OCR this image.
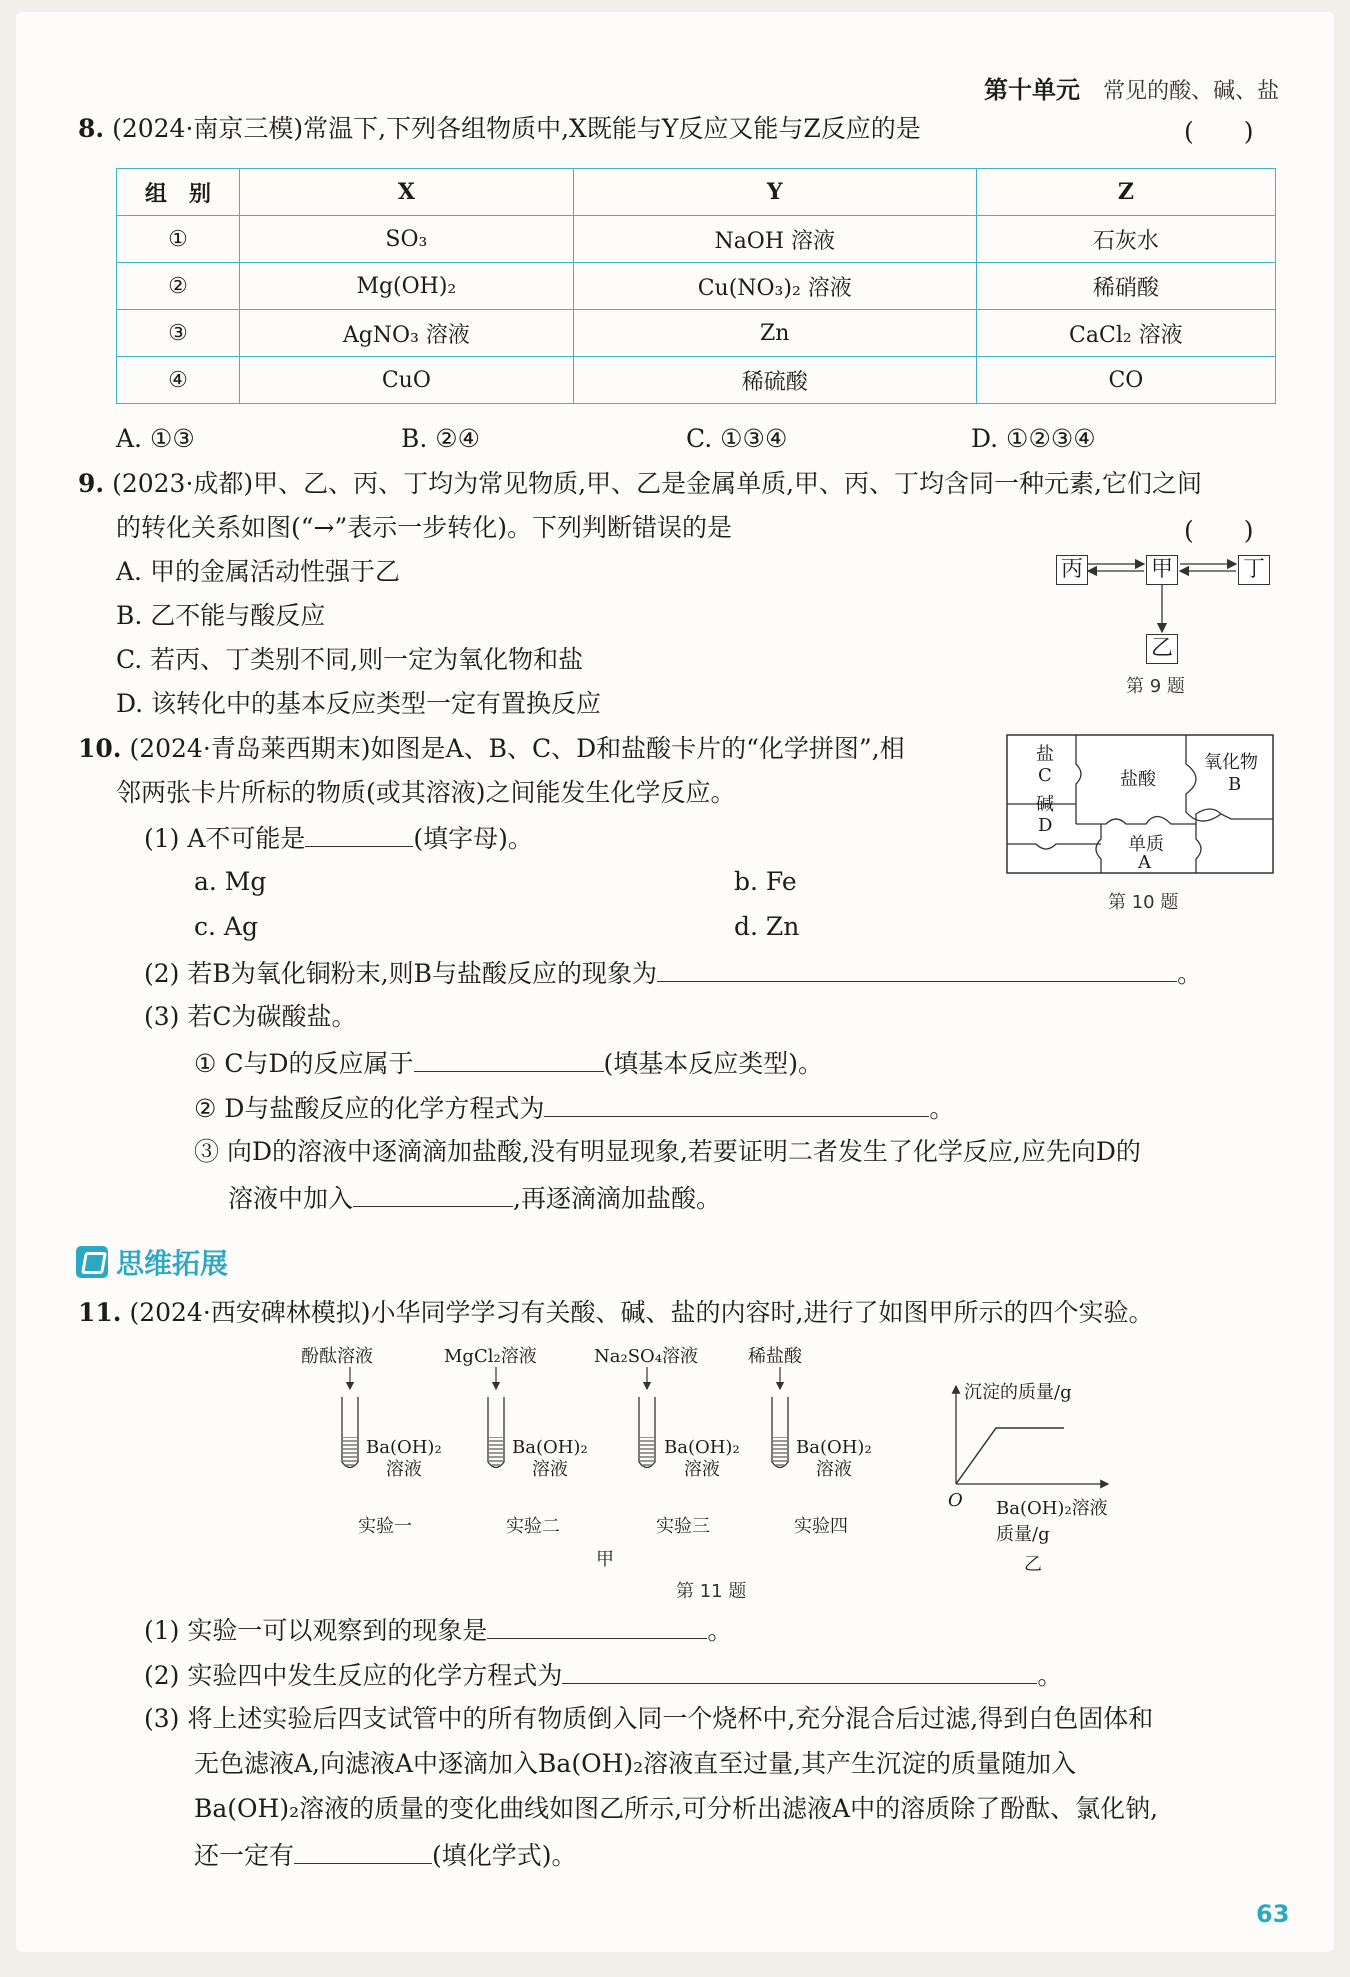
第十单元 常见的酸、碱、盐
8. (2024·南京三模)常温下,下列各组物质中,X既能与Y反应又能与Z反应的是	(　　)
组　别	X	Y	Z
①	SO₃	NaOH 溶液	石灰水
②	Mg(OH)₂	Cu(NO₃)₂ 溶液	稀硝酸
③	AgNO₃ 溶液	Zn	CaCl₂ 溶液
④	CuO	稀硫酸	CO
A. ①③	B. ②④	C. ①③④	D. ①②③④
9. (2023·成都)甲、乙、丙、丁均为常见物质,甲、乙是金属单质,甲、丙、丁均含同一种元素,它们之间
的转化关系如图(“→”表示一步转化)。下列判断错误的是	(　　)
A. 甲的金属活动性强于乙
B. 乙不能与酸反应
C. 若丙、丁类别不同,则一定为氧化物和盐
D. 该转化中的基本反应类型一定有置换反应
丙	甲	丁
乙
第 9 题
10. (2024·青岛莱西期末)如图是A、B、C、D和盐酸卡片的“化学拼图”,相
邻两张卡片所标的物质(或其溶液)之间能发生化学反应。
(1) A不可能是	(填字母)。
a. Mg	b. Fe
c. Ag	d. Zn
(2) 若B为氧化铜粉末,则B与盐酸反应的现象为	。
(3) 若C为碳酸盐。
① C与D的反应属于	(填基本反应类型)。
② D与盐酸反应的化学方程式为	。
③ 向D的溶液中逐滴滴加盐酸,没有明显现象,若要证明二者发生了化学反应,应先向D的
溶液中加入	,再逐滴滴加盐酸。
盐
C
碱
D
盐酸
氧化物
B
单质
A
第 10 题
思维拓展
11. (2024·西安碑林模拟)小华同学学习有关酸、碱、盐的内容时,进行了如图甲所示的四个实验。
酚酞溶液	MgCl₂溶液	Na₂SO₄溶液	稀盐酸
Ba(OH)₂
溶液
Ba(OH)₂
溶液
Ba(OH)₂
溶液
Ba(OH)₂
溶液
实验一	实验二	实验三	实验四
甲
沉淀的质量/g
O Ba(OH)₂溶液
质量/g
乙
第 11 题
(1) 实验一可以观察到的现象是	。
(2) 实验四中发生反应的化学方程式为	。
(3) 将上述实验后四支试管中的所有物质倒入同一个烧杯中,充分混合后过滤,得到白色固体和
无色滤液A,向滤液A中逐滴加入Ba(OH)₂溶液直至过量,其产生沉淀的质量随加入
Ba(OH)₂溶液的质量的变化曲线如图乙所示,可分析出滤液A中的溶质除了酚酞、氯化钠,
还一定有	(填化学式)。
63
